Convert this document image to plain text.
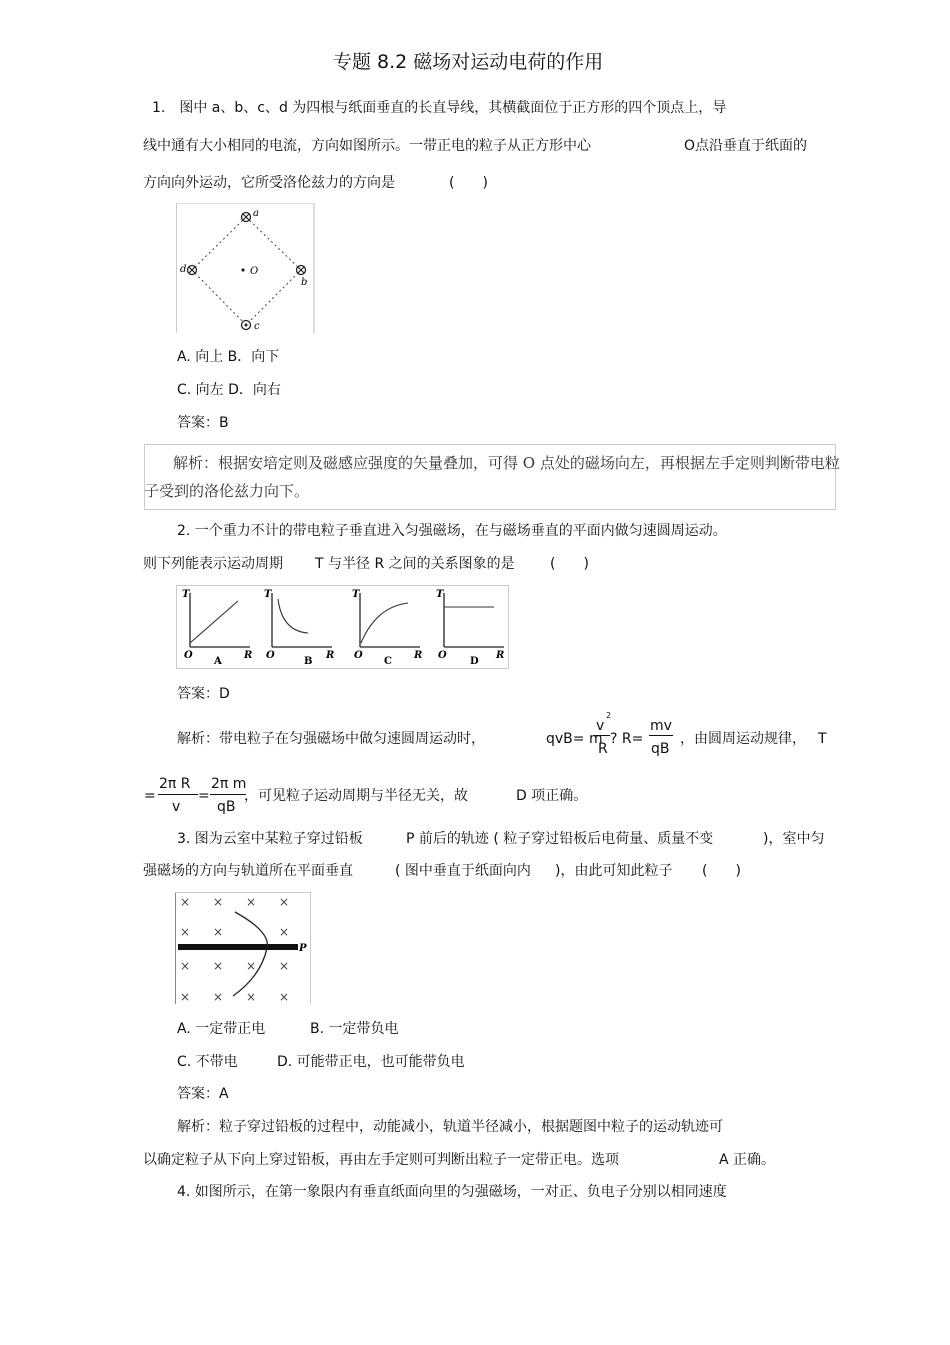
专题 8.2 磁场对运动电荷的作用
1.　图中 a、b、c、d 为四根与纸面垂直的长直导线，其横截面位于正方形的四个顶点上，导
线中通有大小相同的电流，方向如图所示。一带正电的粒子从正方形中心	O点沿垂直于纸面的
方向向外运动，它所受洛伦兹力的方向是	(　　)
a
b
c
d	O
A. 向上 B．向下
C. 向左 D．向右
答案：B
解析：根据安培定则及磁感应强度的矢量叠加，可得 O 点处的磁场向左，再根据左手定则判断带电粒
子受到的洛伦兹力向下。
2. 一个重力不计的带电粒子垂直进入匀强磁场，在与磁场垂直的平面内做匀速圆周运动。
则下列能表示运动周期 T 与半径 R 之间的关系图象的是	(　　)
T
O	R
A
T
O	R
B
T
O	R
C
T
O	R
D
答案：D
解析：带电粒子在匀强磁场中做匀速圆周运动时，	qvB= m
v
2
R
? R=
mv
qB
，由圆周运动规律， T
=
2π R
v
=
2π m
qB
，可见粒子运动周期与半径无关，故	D 项正确。
3. 图为云室中某粒子穿过铅板	P 前后的轨迹 ( 粒子穿过铅板后电荷量、质量不变	)，室中匀
强磁场的方向与轨道所在平面垂直	( 图中垂直于纸面向内 )，由此可知此粒子 (　　)
× × × ×
× ×	×
× × × ×
× × × ×
P
A. 一定带正电	B. 一定带负电
C. 不带电	D. 可能带正电，也可能带负电
答案：A
解析：粒子穿过铅板的过程中，动能减小，轨道半径减小，根据题图中粒子的运动轨迹可
以确定粒子从下向上穿过铅板，再由左手定则可判断出粒子一定带正电。选项	A 正确。
4. 如图所示，在第一象限内有垂直纸面向里的匀强磁场，一对正、负电子分别以相同速度
